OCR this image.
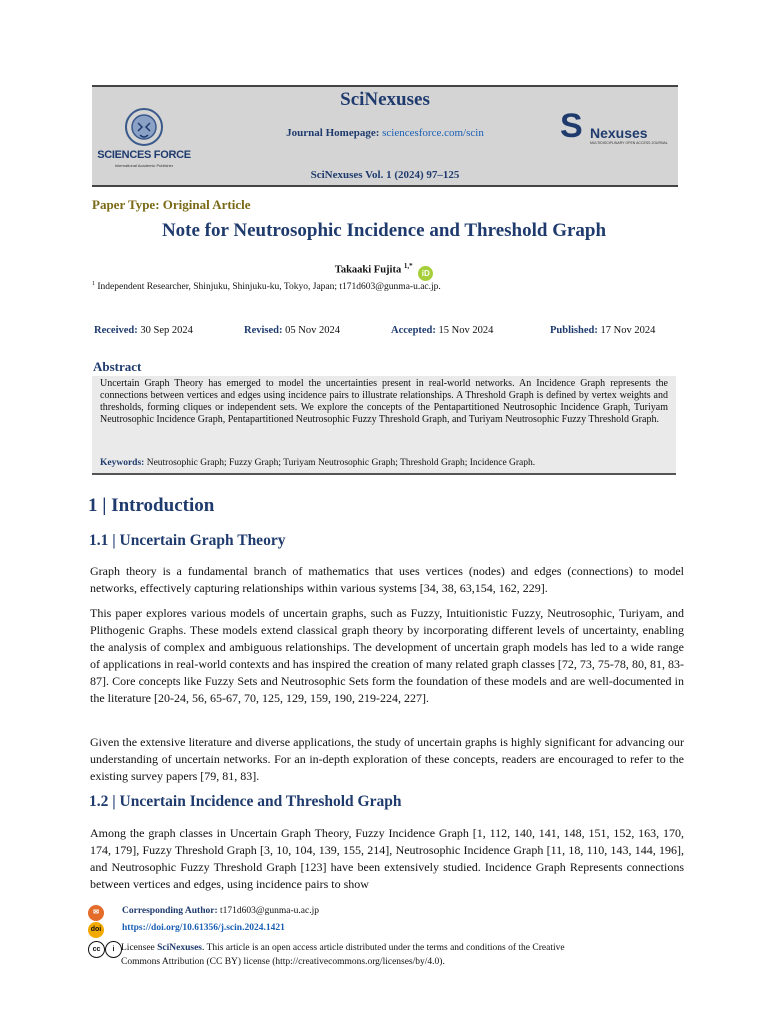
SCIENCES FORCE
International Academic Publisher
SciNexuses
Journal Homepage: sciencesforce.com/scin
SciNexuses Vol. 1 (2024) 97–125
S Nexuses
MULTIDISCIPLINARY OPEN ACCESS JOURNAL
Paper Type: Original Article
Note for Neutrosophic Incidence and Threshold Graph
Takaaki Fujita $^{1,*}$ iD
$^1$ Independent Researcher, Shinjuku, Shinjuku-ku, Tokyo, Japan; t171d603@gunma-u.ac.jp.
Received: 30 Sep 2024	Revised: 05 Nov 2024	Accepted: 15 Nov 2024	Published: 17 Nov 2024
Abstract
Uncertain Graph Theory has emerged to model the uncertainties present in real-world networks. An Incidence Graph represents the connections between vertices and edges using incidence pairs to illustrate relationships. A Threshold Graph is defined by vertex weights and thresholds, forming cliques or independent sets. We explore the concepts of the Pentapartitioned Neutrosophic Incidence Graph, Turiyam Neutrosophic Incidence Graph, Pentapartitioned Neutrosophic Fuzzy Threshold Graph, and Turiyam Neutrosophic Fuzzy Threshold Graph.
Keywords: Neutrosophic Graph; Fuzzy Graph; Turiyam Neutrosophic Graph; Threshold Graph; Incidence Graph.
1 | Introduction
1.1 | Uncertain Graph Theory

Graph theory is a fundamental branch of mathematics that uses vertices (nodes) and edges (connections) to model networks, effectively capturing relationships within various systems [34, 38, 63,154, 162, 229].

This paper explores various models of uncertain graphs, such as Fuzzy, Intuitionistic Fuzzy, Neutrosophic, Turiyam, and Plithogenic Graphs. These models extend classical graph theory by incorporating different levels of uncertainty, enabling the analysis of complex and ambiguous relationships. The development of uncertain graph models has led to a wide range of applications in real-world contexts and has inspired the creation of many related graph classes [72, 73, 75-78, 80, 81, 83-87]. Core concepts like Fuzzy Sets and Neutrosophic Sets form the foundation of these models and are well-documented in the literature [20-24, 56, 65-67, 70, 125, 129, 159, 190, 219-224, 227].

Given the extensive literature and diverse applications, the study of uncertain graphs is highly significant for advancing our understanding of uncertain networks. For an in-depth exploration of these concepts, readers are encouraged to refer to the existing survey papers [79, 81, 83].

1.2 | Uncertain Incidence and Threshold Graph

Among the graph classes in Uncertain Graph Theory, Fuzzy Incidence Graph [1, 112, 140, 141, 148, 151, 152, 163, 170, 174, 179], Fuzzy Threshold Graph [3, 10, 104, 139, 155, 214], Neutrosophic Incidence Graph [11, 18, 110, 143, 144, 196], and Neutrosophic Fuzzy Threshold Graph [123] have been extensively studied. Incidence Graph Represents connections between vertices and edges, using incidence pairs to show

✉	Corresponding Author: t171d603@gunma-u.ac.jp
doi https://doi.org/10.61356/j.scin.2024.1421
cc i Licensee SciNexuses. This article is an open access article distributed under the terms and conditions of the Creative
Commons Attribution (CC BY) license (http://creativecommons.org/licenses/by/4.0).
